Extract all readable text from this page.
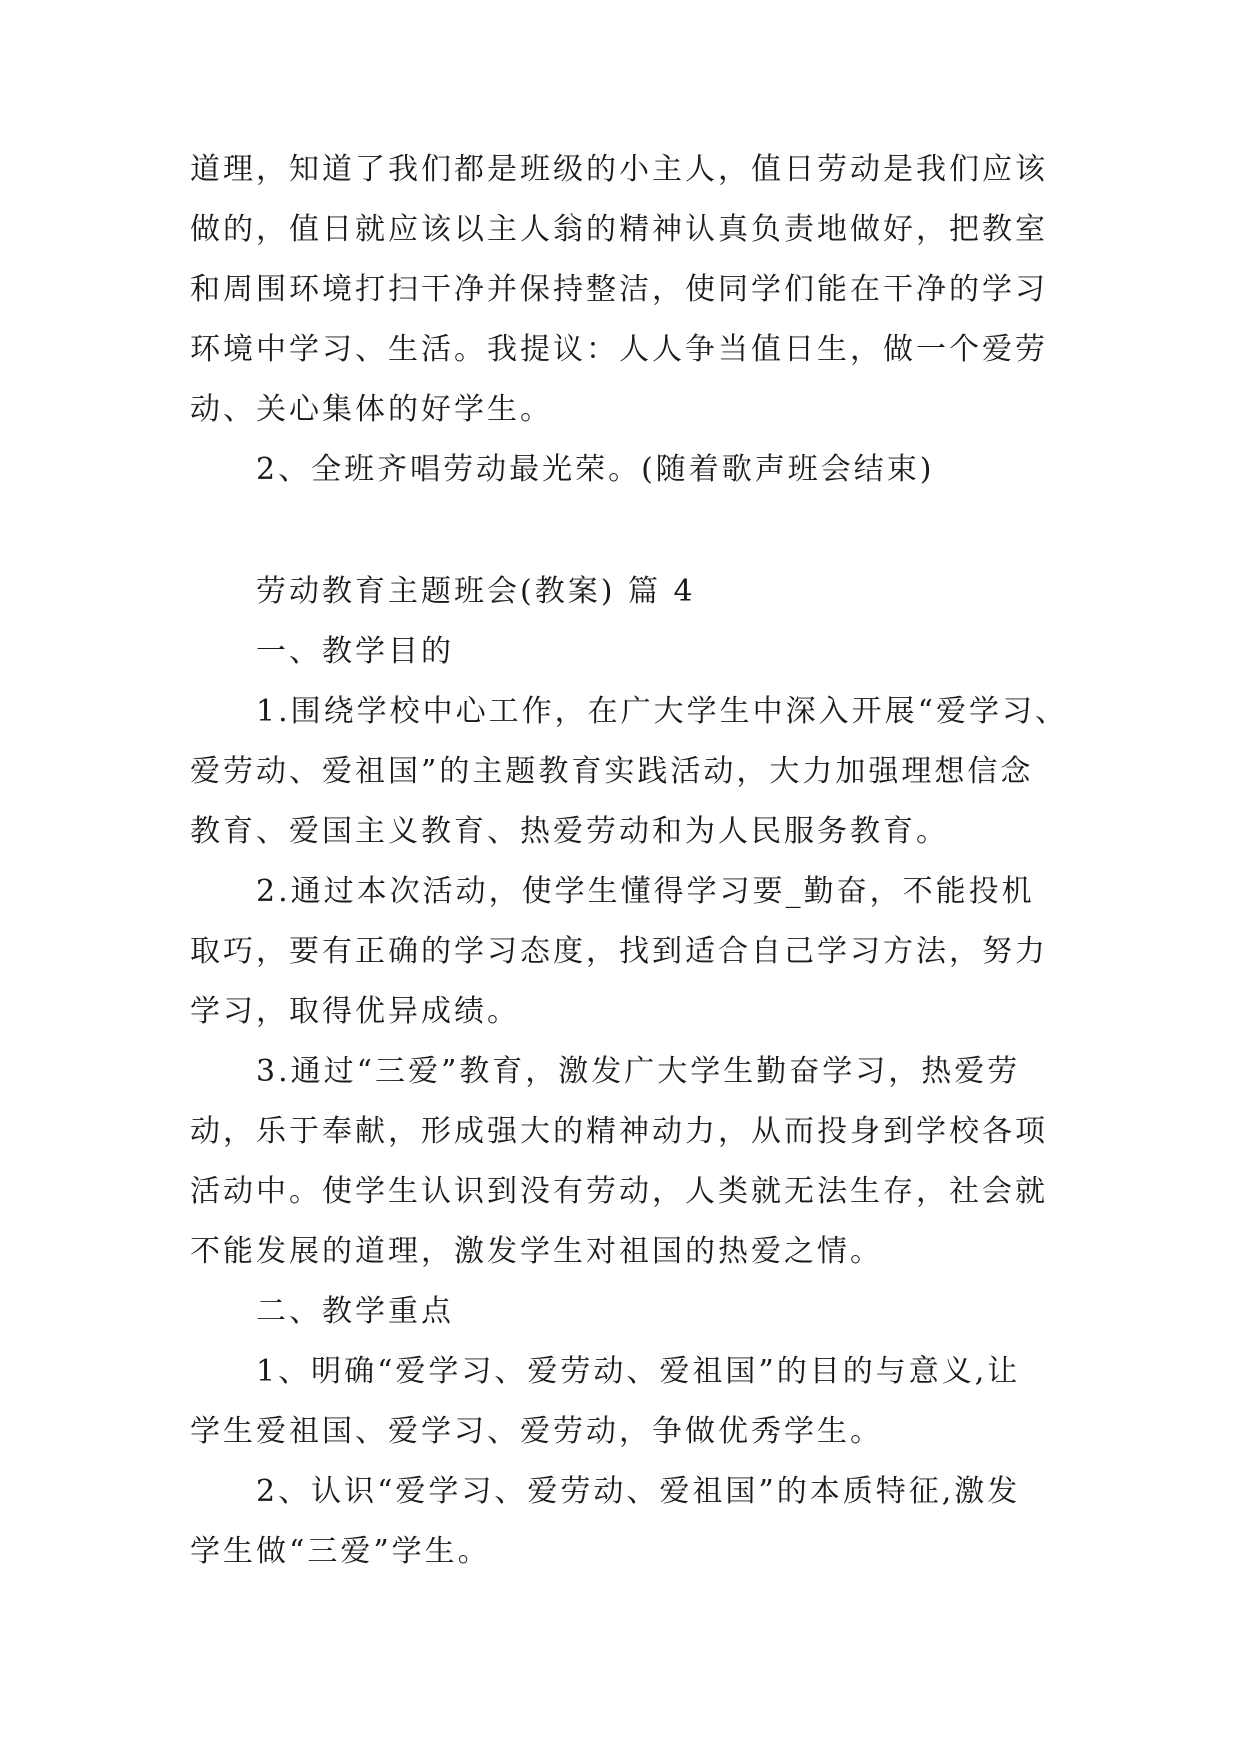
道理，知道了我们都是班级的小主人，值日劳动是我们应该
做的，值日就应该以主人翁的精神认真负责地做好，把教室
和周围环境打扫干净并保持整洁，使同学们能在干净的学习
环境中学习、生活。我提议：人人争当值日生，做一个爱劳
动、关心集体的好学生。
2、全班齐唱劳动最光荣。(随着歌声班会结束)
劳动教育主题班会(教案) 篇 4
一、教学目的
1.围绕学校中心工作，在广大学生中深入开展“爱学习、
爱劳动、爱祖国”的主题教育实践活动，大力加强理想信念
教育、爱国主义教育、热爱劳动和为人民服务教育。
2.通过本次活动，使学生懂得学习要_勤奋，不能投机
取巧，要有正确的学习态度，找到适合自己学习方法，努力
学习，取得优异成绩。
3.通过“三爱”教育，激发广大学生勤奋学习，热爱劳
动，乐于奉献，形成强大的精神动力，从而投身到学校各项
活动中。使学生认识到没有劳动，人类就无法生存，社会就
不能发展的道理，激发学生对祖国的热爱之情。
二、教学重点
1、明确“爱学习、爱劳动、爱祖国”的目的与意义,让
学生爱祖国、爱学习、爱劳动，争做优秀学生。
2、认识“爱学习、爱劳动、爱祖国”的本质特征,激发
学生做“三爱”学生。
